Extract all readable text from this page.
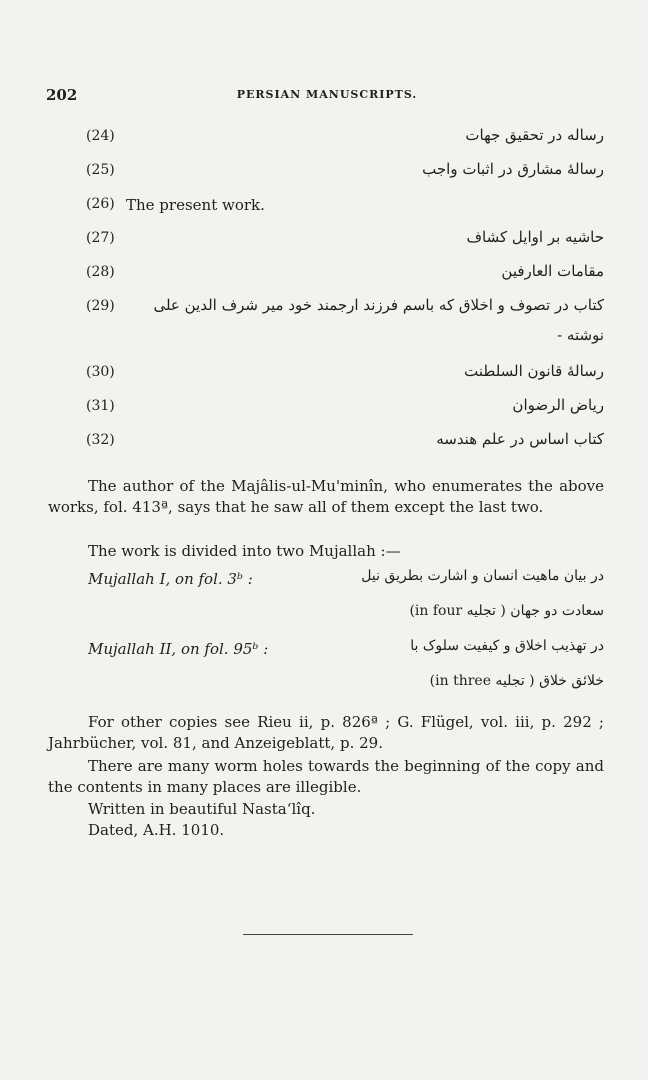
202	PERSIAN MANUSCRIPTS.
(24)	رساله در تحقیق جهات
(25)	رسالهٔ مشارق در اثبات واجب
(26) The present work.
(27)	حاشیه بر اوایل کشاف
(28)	مقامات العارفین
(29)	کتاب در تصوف و اخلاق که باسم فرزند ارجمند خود میر شرف الدین علی
نوشته -
(30)	رسالهٔ قانون السلطنت
(31)	ریاض الرضوان
(32)	کتاب اساس در علم هندسه
The author of the Majâlis-ul-Mu'minîn, who enumerates the above works, fol. 413ª, says that he saw all of them except the last two.
The work is divided into two Mujallah :—
Mujallah I, on fol. 3ᵇ :	در بیان ماهیت انسان و اشارت بطریق نیل
سعادت دو جهان ( تجلیه in four)
Mujallah II, on fol. 95ᵇ :	در تهذیب اخلاق و کیفیت سلوک با
خلائق خلاق ( تجلیه in three)
For other copies see Rieu ii, p. 826ª ; G. Flügel, vol. iii, p. 292 ; Jahrbücher, vol. 81, and Anzeigeblatt, p. 29.
There are many worm holes towards the beginning of the copy and the contents in many places are illegible.
Written in beautiful Nastaʻlîq.
Dated, A.H. 1010.
